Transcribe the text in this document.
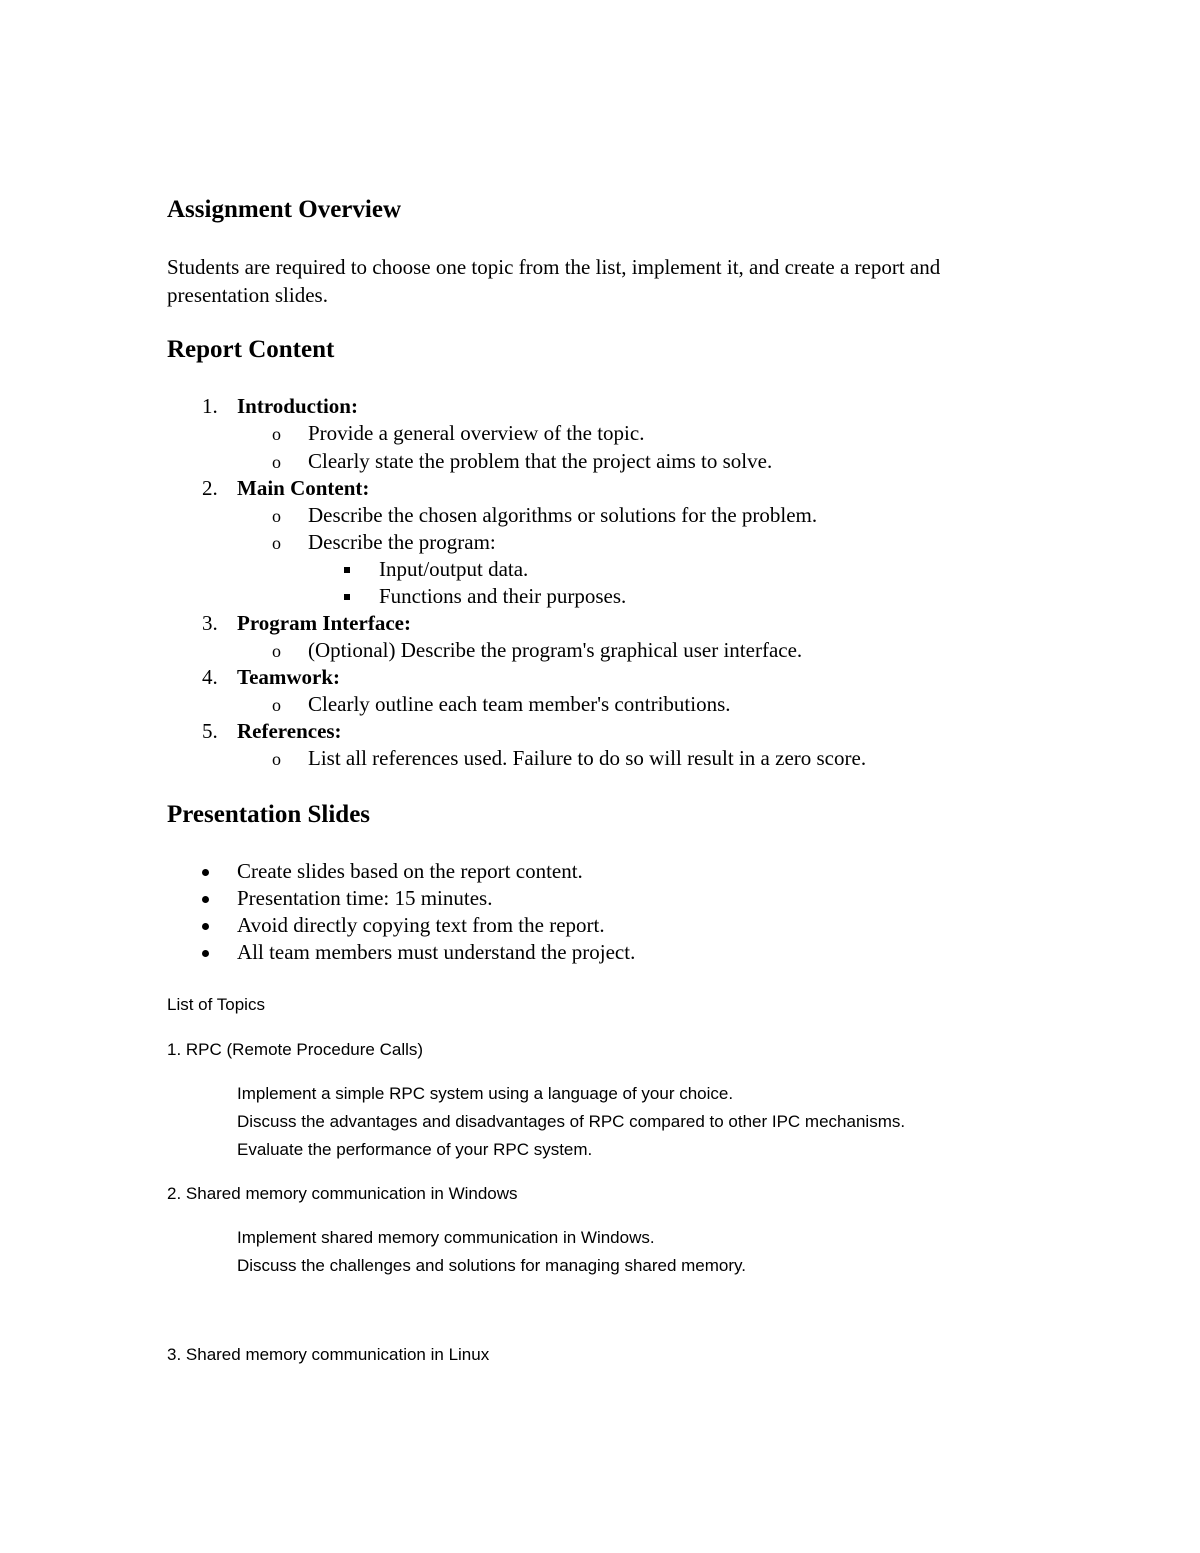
Assignment Overview
Students are required to choose one topic from the list, implement it, and create a report and
presentation slides.
Report Content
1. Introduction:
o Provide a general overview of the topic.
o Clearly state the problem that the project aims to solve.
2. Main Content:
o Describe the chosen algorithms or solutions for the problem.
o Describe the program:
Input/output data.
Functions and their purposes.
3. Program Interface:
o (Optional) Describe the program's graphical user interface.
4. Teamwork:
o Clearly outline each team member's contributions.
5. References:
o List all references used. Failure to do so will result in a zero score.
Presentation Slides
Create slides based on the report content.
Presentation time: 15 minutes.
Avoid directly copying text from the report.
All team members must understand the project.
List of Topics
1. RPC (Remote Procedure Calls)
Implement a simple RPC system using a language of your choice.
Discuss the advantages and disadvantages of RPC compared to other IPC mechanisms.
Evaluate the performance of your RPC system.
2. Shared memory communication in Windows
Implement shared memory communication in Windows.
Discuss the challenges and solutions for managing shared memory.
3. Shared memory communication in Linux
